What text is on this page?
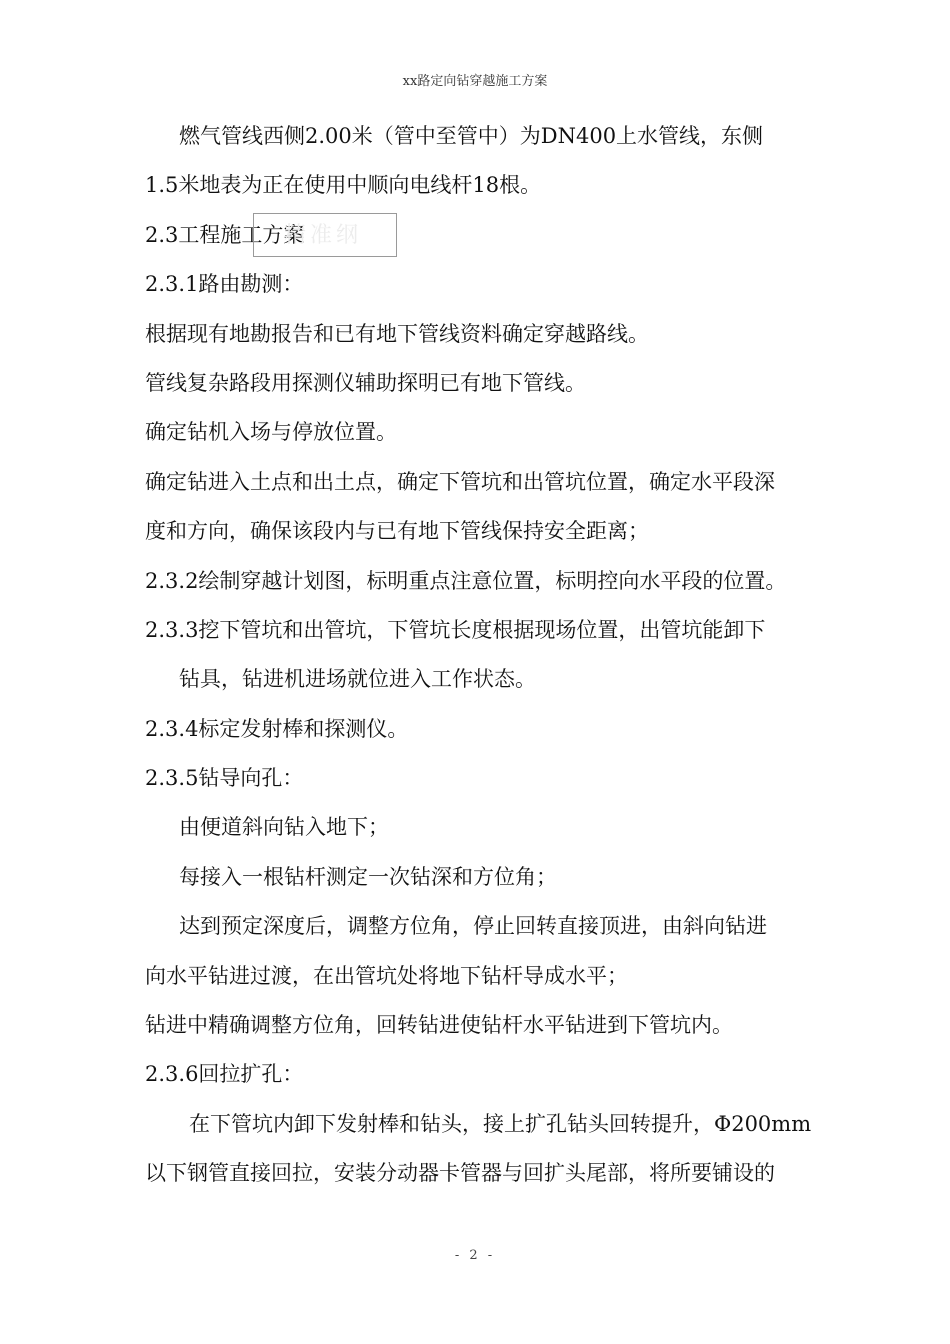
xx路定向钻穿越施工方案
燃气管线西侧2.00米（管中至管中）为DN400上水管线，东侧
1.5米地表为正在使用中顺向电线杆18根。
2.3工程施工方案
精准纲
2.3.1路由勘测：
根据现有地勘报告和已有地下管线资料确定穿越路线。
管线复杂路段用探测仪辅助探明已有地下管线。
确定钻机入场与停放位置。
确定钻进入土点和出土点，确定下管坑和出管坑位置，确定水平段深
度和方向，确保该段内与已有地下管线保持安全距离；
2.3.2绘制穿越计划图，标明重点注意位置，标明控向水平段的位置。
2.3.3挖下管坑和出管坑，下管坑长度根据现场位置，出管坑能卸下
钻具，钻进机进场就位进入工作状态。
2.3.4标定发射棒和探测仪。
2.3.5钻导向孔：
由便道斜向钻入地下；
每接入一根钻杆测定一次钻深和方位角；
达到预定深度后，调整方位角，停止回转直接顶进，由斜向钻进
向水平钻进过渡，在出管坑处将地下钻杆导成水平；
钻进中精确调整方位角，回转钻进使钻杆水平钻进到下管坑内。
2.3.6回拉扩孔：
在下管坑内卸下发射棒和钻头，接上扩孔钻头回转提升，Φ200mm
以下钢管直接回拉，安装分动器卡管器与回扩头尾部，将所要铺设的
- 2 -
